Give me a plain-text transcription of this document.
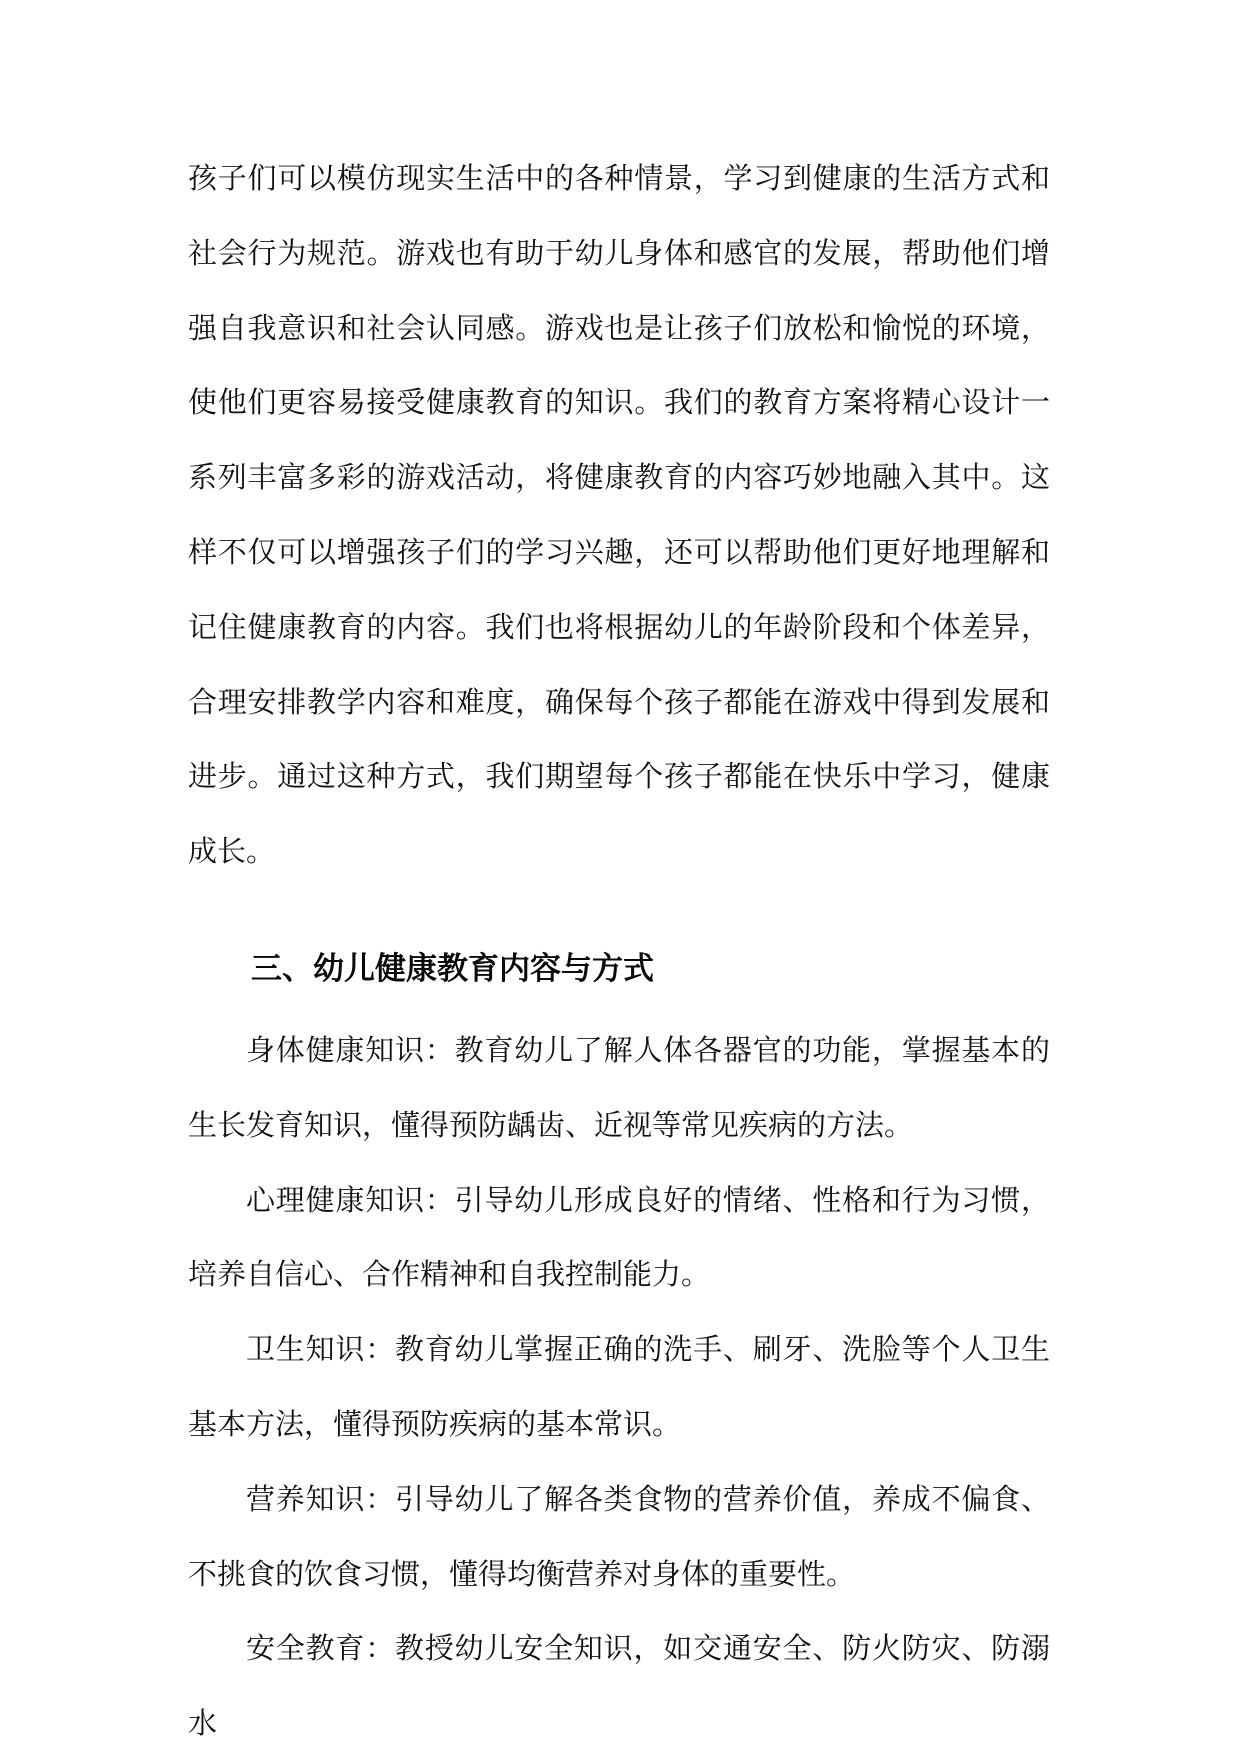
孩子们可以模仿现实生活中的各种情景，学习到健康的生活方式和社会行为规范。游戏也有助于幼儿身体和感官的发展，帮助他们增强自我意识和社会认同感。游戏也是让孩子们放松和愉悦的环境，使他们更容易接受健康教育的知识。我们的教育方案将精心设计一系列丰富多彩的游戏活动，将健康教育的内容巧妙地融入其中。这样不仅可以增强孩子们的学习兴趣，还可以帮助他们更好地理解和记住健康教育的内容。我们也将根据幼儿的年龄阶段和个体差异，合理安排教学内容和难度，确保每个孩子都能在游戏中得到发展和进步。通过这种方式，我们期望每个孩子都能在快乐中学习，健康成长。

三、幼儿健康教育内容与方式

身体健康知识：教育幼儿了解人体各器官的功能，掌握基本的生长发育知识，懂得预防龋齿、近视等常见疾病的方法。

心理健康知识：引导幼儿形成良好的情绪、性格和行为习惯，培养自信心、合作精神和自我控制能力。

卫生知识：教育幼儿掌握正确的洗手、刷牙、洗脸等个人卫生基本方法，懂得预防疾病的基本常识。

营养知识：引导幼儿了解各类食物的营养价值，养成不偏食、不挑食的饮食习惯，懂得均衡营养对身体的重要性。

安全教育：教授幼儿安全知识，如交通安全、防火防灾、防溺水
